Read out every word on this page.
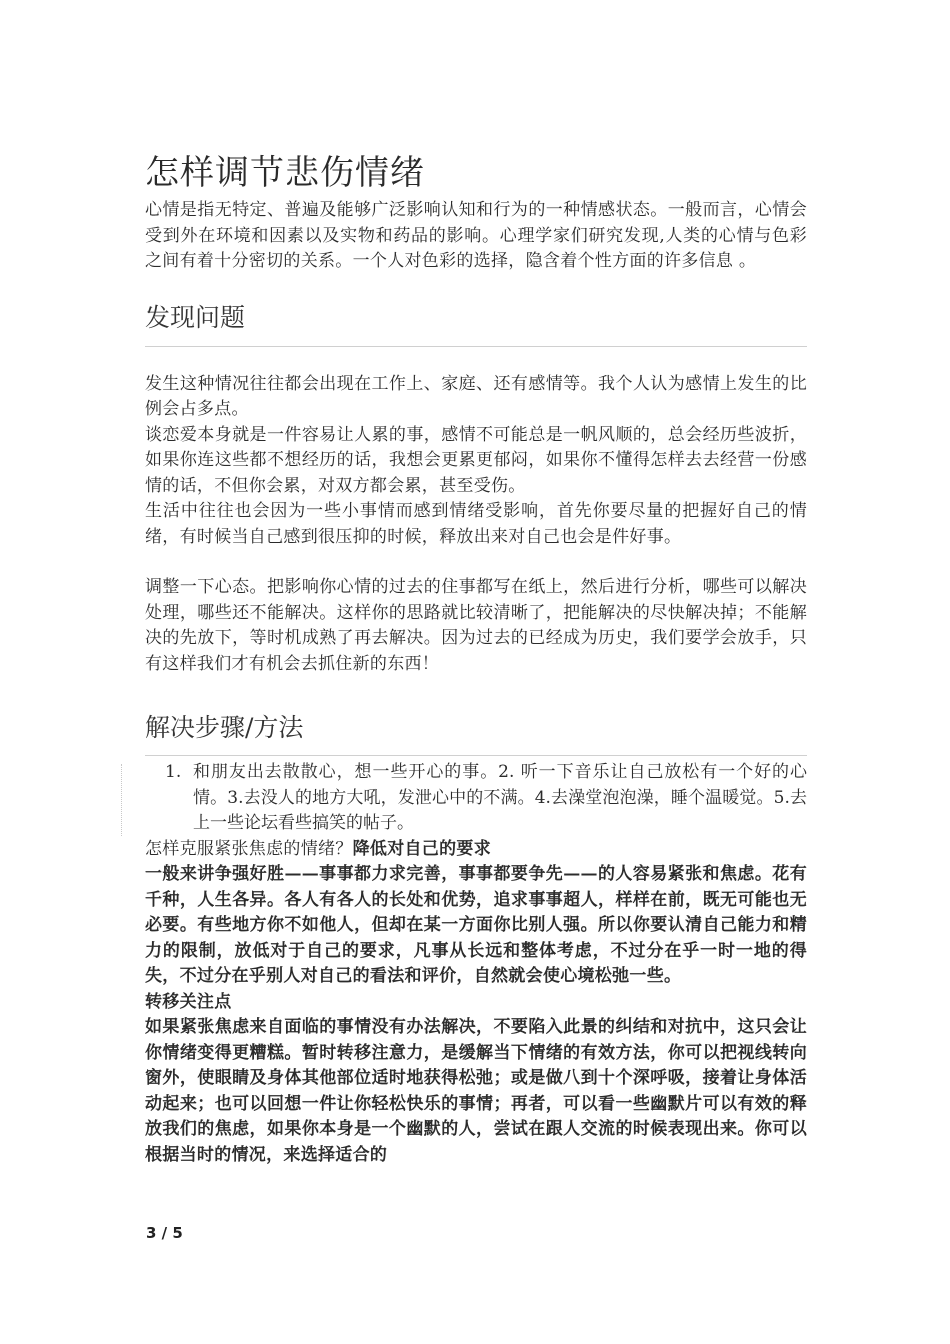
怎样调节悲伤情绪

心情是指无特定、普遍及能够广泛影响认知和行为的一种情感状态。一般而言，心情会受到外在环境和因素以及实物和药品的影响。心理学家们研究发现,人类的心情与色彩之间有着十分密切的关系。一个人对色彩的选择，隐含着个性方面的许多信息 。

发现问题

发生这种情况往往都会出现在工作上、家庭、还有感情等。我个人认为感情上发生的比例会占多点。

谈恋爱本身就是一件容易让人累的事，感情不可能总是一帆风顺的，总会经历些波折，如果你连这些都不想经历的话，我想会更累更郁闷，如果你不懂得怎样去去经营一份感情的话，不但你会累，对双方都会累，甚至受伤。

生活中往往也会因为一些小事情而感到情绪受影响，首先你要尽量的把握好自己的情绪，有时候当自己感到很压抑的时候，释放出来对自己也会是件好事。

调整一下心态。把影响你心情的过去的住事都写在纸上，然后进行分析，哪些可以解决处理，哪些还不能解决。这样你的思路就比较清晰了，把能解决的尽快解决掉；不能解决的先放下，等时机成熟了再去解决。因为过去的已经成为历史，我们要学会放手，只有这样我们才有机会去抓住新的东西！

解决步骤/方法
1. 和朋友出去散散心，想一些开心的事。2. 听一下音乐让自己放松有一个好的心情。3.去没人的地方大吼，发泄心中的不满。4.去澡堂泡泡澡，睡个温暖觉。5.去上一些论坛看些搞笑的帖子。

怎样克服紧张焦虑的情绪？降低对自己的要求

一般来讲争强好胜——事事都力求完善，事事都要争先——的人容易紧张和焦虑。花有千种，人生各异。各人有各人的长处和优势，追求事事超人，样样在前，既无可能也无必要。有些地方你不如他人，但却在某一方面你比别人强。所以你要认清自己能力和精力的限制，放低对于自己的要求，凡事从长远和整体考虑，不过分在乎一时一地的得失，不过分在乎别人对自己的看法和评价，自然就会使心境松弛一些。

转移关注点

如果紧张焦虑来自面临的事情没有办法解决，不要陷入此景的纠结和对抗中，这只会让你情绪变得更糟糕。暂时转移注意力，是缓解当下情绪的有效方法，你可以把视线转向窗外，使眼睛及身体其他部位适时地获得松弛；或是做八到十个深呼吸，接着让身体活动起来；也可以回想一件让你轻松快乐的事情；再者，可以看一些幽默片可以有效的释放我们的焦虑，如果你本身是一个幽默的人，尝试在跟人交流的时候表现出来。你可以根据当时的情况，来选择适合的

3 / 5
